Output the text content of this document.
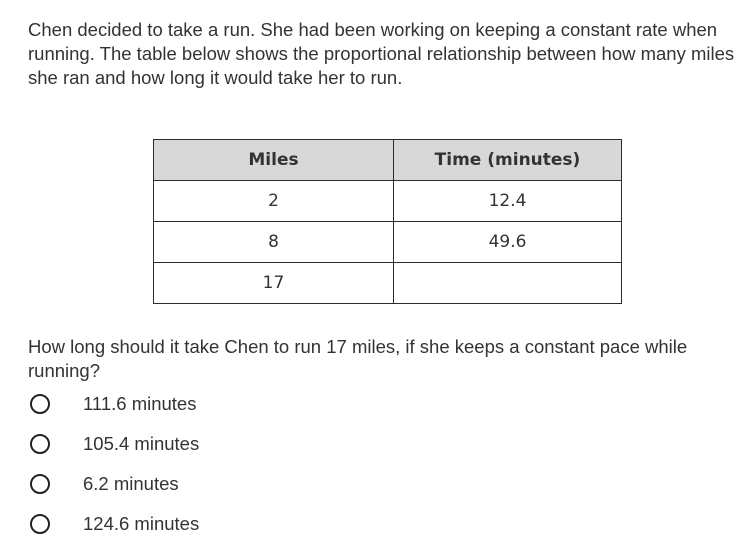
Chen decided to take a run. She had been working on keeping a constant rate when running. The table below shows the proportional relationship between how many miles she ran and how long it would take her to run.

Miles	Time (minutes)
2	12.4
8	49.6
17	

How long should it take Chen to run 17 miles, if she keeps a constant pace while running?

111.6 minutes
105.4 minutes
6.2 minutes
124.6 minutes
